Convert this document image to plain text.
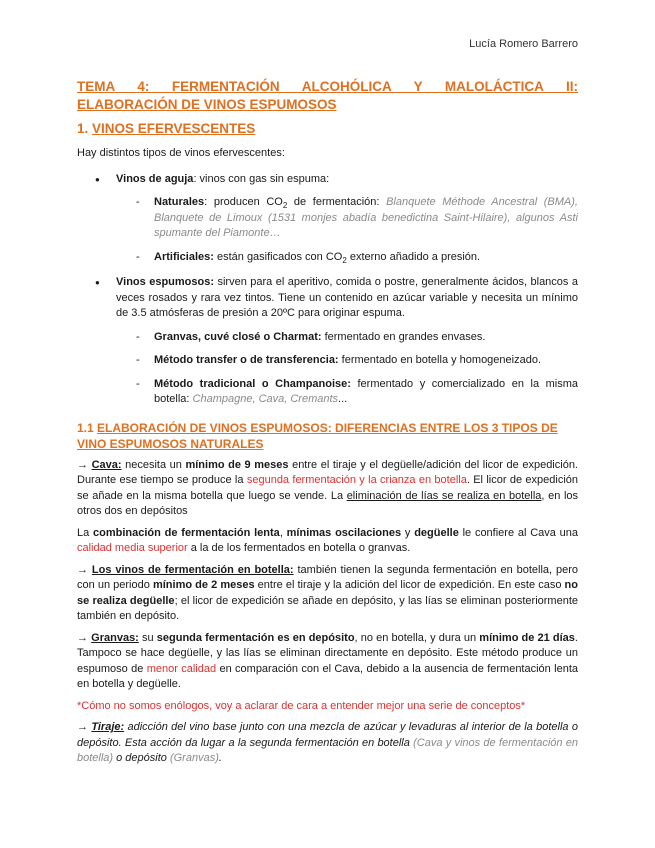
Lucía Romero Barrero
TEMA 4: FERMENTACIÓN ALCOHÓLICA Y MALOLÁCTICA II:
ELABORACIÓN DE VINOS ESPUMOSOS
1. VINOS EFERVESCENTES

Hay distintos tipos de vinos efervescentes:

● Vinos de aguja: vinos con gas sin espuma:
- Naturales: producen $CO_2$ de fermentación: Blanquete Méthode Ancestral (BMA), Blanquete de Limoux (1531 monjes abadía benedictina Saint-Hilaire), algunos Asti spumante del Piamonte…
- Artificiales: están gasificados con $CO_2$ externo añadido a presión.
● Vinos espumosos: sirven para el aperitivo, comida o postre, generalmente ácidos, blancos a veces rosados y rara vez tintos. Tiene un contenido en azúcar variable y necesita un mínimo de 3.5 atmósferas de presión a 20ºC para originar espuma.
- Granvas, cuvé closé o Charmat: fermentado en grandes envases.
- Método transfer o de transferencia: fermentado en botella y homogeneizado.
- Método tradicional o Champanoise: fermentado y comercializado en la misma botella: Champagne, Cava, Cremants...
1.1 ELABORACIÓN DE VINOS ESPUMOSOS: DIFERENCIAS ENTRE LOS 3 TIPOS DE VINO ESPUMOSOS NATURALES

→ Cava: necesita un mínimo de 9 meses entre el tiraje y el degüelle/adición del licor de expedición. Durante ese tiempo se produce la segunda fermentación y la crianza en botella. El licor de expedición se añade en la misma botella que luego se vende. La eliminación de lías se realiza en botella, en los otros dos en depósitos

La combinación de fermentación lenta, mínimas oscilaciones y degüelle le confiere al Cava una calidad media superior a la de los fermentados en botella o granvas.

→ Los vinos de fermentación en botella: también tienen la segunda fermentación en botella, pero con un periodo mínimo de 2 meses entre el tiraje y la adición del licor de expedición. En este caso no se realiza degüelle; el licor de expedición se añade en depósito, y las lías se eliminan posteriormente también en depósito.

→ Granvas: su segunda fermentación es en depósito, no en botella, y dura un mínimo de 21 días. Tampoco se hace degüelle, y las lías se eliminan directamente en depósito. Este método produce un espumoso de menor calidad en comparación con el Cava, debido a la ausencia de fermentación lenta en botella y degüelle.

*Cómo no somos enólogos, voy a aclarar de cara a entender mejor una serie de conceptos*

→ Tiraje: adicción del vino base junto con una mezcla de azúcar y levaduras al interior de la botella o depósito. Esta acción da lugar a la segunda fermentación en botella (Cava y vinos de fermentación en botella) o depósito (Granvas).
